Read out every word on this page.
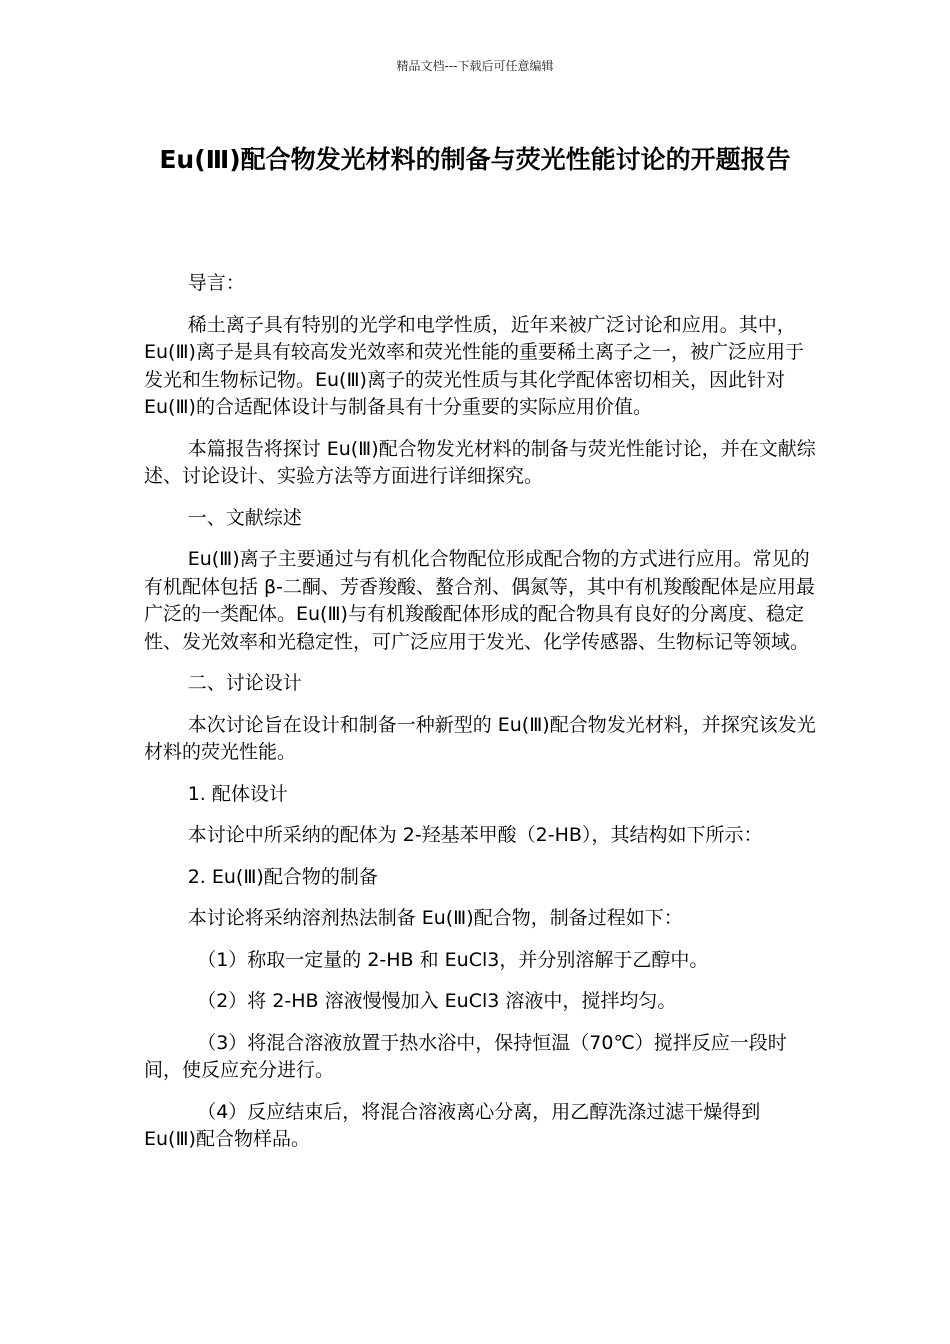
精品文档---下载后可任意编辑
Eu(Ⅲ)配合物发光材料的制备与荧光性能讨论的开题报告

导言：

稀土离子具有特别的光学和电学性质，近年来被广泛讨论和应用。其中，Eu(Ⅲ)离子是具有较高发光效率和荧光性能的重要稀土离子之一，被广泛应用于发光和生物标记物。Eu(Ⅲ)离子的荧光性质与其化学配体密切相关，因此针对 Eu(Ⅲ)的合适配体设计与制备具有十分重要的实际应用价值。

本篇报告将探讨 Eu(Ⅲ)配合物发光材料的制备与荧光性能讨论，并在文献综述、讨论设计、实验方法等方面进行详细探究。

一、文献综述

Eu(Ⅲ)离子主要通过与有机化合物配位形成配合物的方式进行应用。常见的有机配体包括 β-二酮、芳香羧酸、螯合剂、偶氮等，其中有机羧酸配体是应用最广泛的一类配体。Eu(Ⅲ)与有机羧酸配体形成的配合物具有良好的分离度、稳定性、发光效率和光稳定性，可广泛应用于发光、化学传感器、生物标记等领域。

二、讨论设计

本次讨论旨在设计和制备一种新型的 Eu(Ⅲ)配合物发光材料，并探究该发光材料的荧光性能。

1. 配体设计

本讨论中所采纳的配体为 2-羟基苯甲酸（2-HB），其结构如下所示：

2. Eu(Ⅲ)配合物的制备

本讨论将采纳溶剂热法制备 Eu(Ⅲ)配合物，制备过程如下：

（1）称取一定量的 2-HB 和 EuCl3，并分别溶解于乙醇中。

（2）将 2-HB 溶液慢慢加入 EuCl3 溶液中，搅拌均匀。

（3）将混合溶液放置于热水浴中，保持恒温（70℃）搅拌反应一段时间，使反应充分进行。

（4）反应结束后，将混合溶液离心分离，用乙醇洗涤过滤干燥得到 Eu(Ⅲ)配合物样品。
